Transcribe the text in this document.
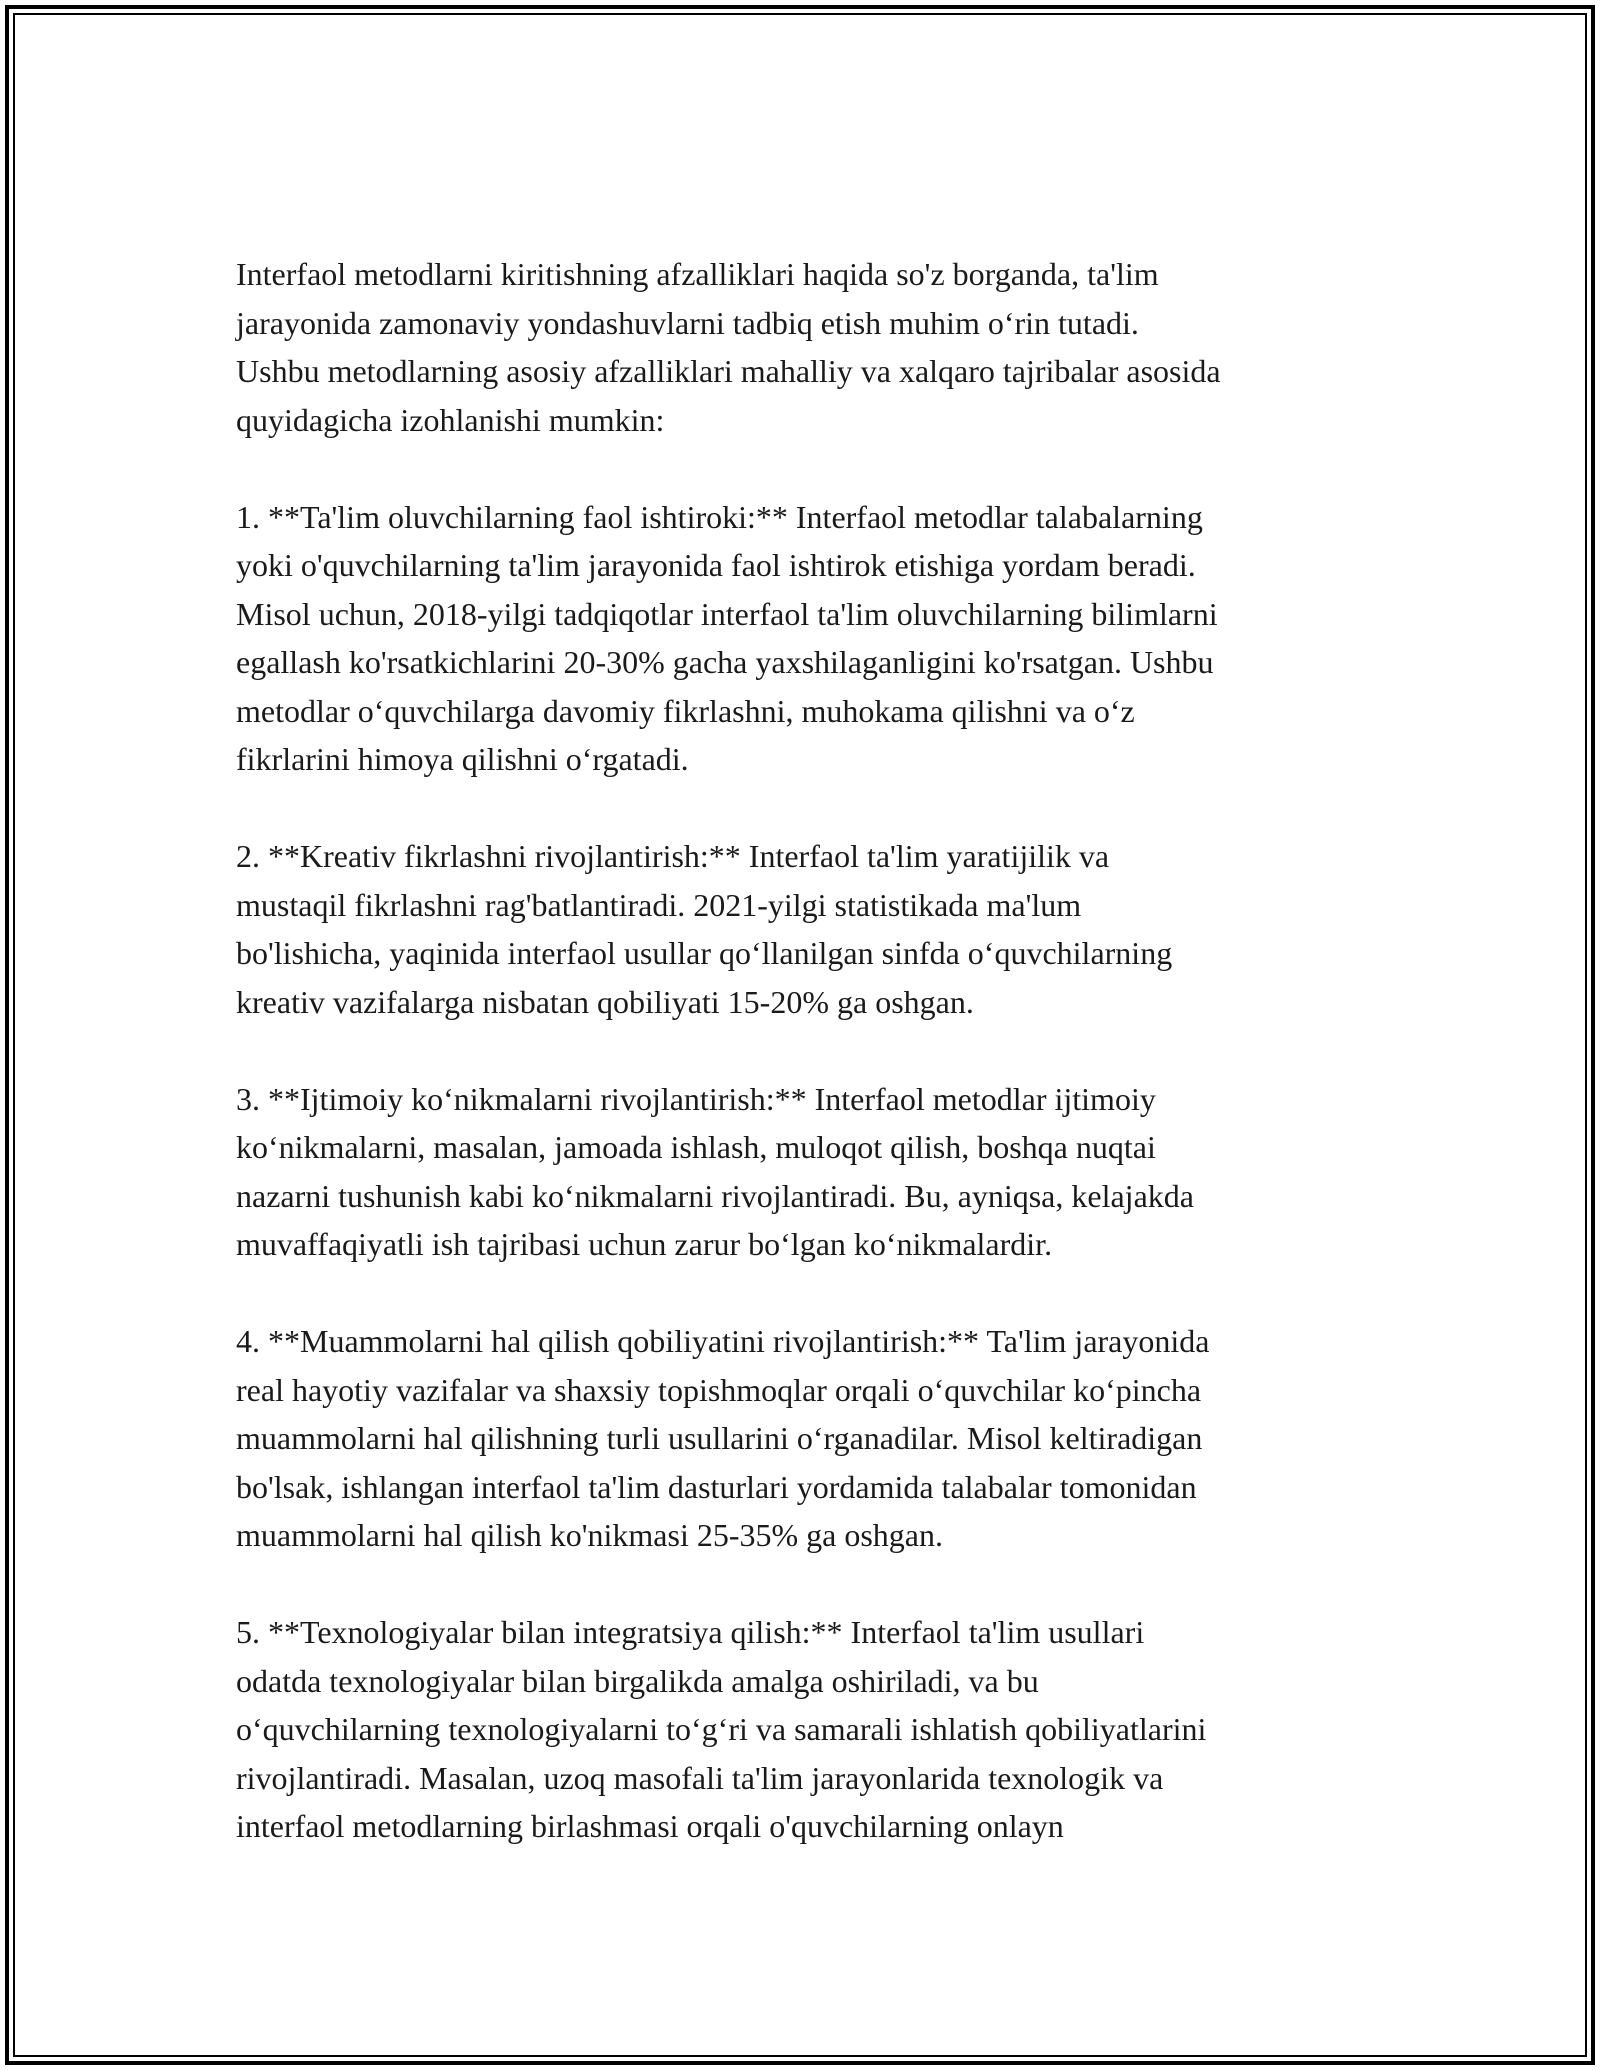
Interfaol metodlarni kiritishning afzalliklari haqida so'z borganda, ta'lim
jarayonida zamonaviy yondashuvlarni tadbiq etish muhim o‘rin tutadi.
Ushbu metodlarning asosiy afzalliklari mahalliy va xalqaro tajribalar asosida
quyidagicha izohlanishi mumkin:
1. **Ta'lim oluvchilarning faol ishtiroki:** Interfaol metodlar talabalarning
yoki o'quvchilarning ta'lim jarayonida faol ishtirok etishiga yordam beradi.
Misol uchun, 2018-yilgi tadqiqotlar interfaol ta'lim oluvchilarning bilimlarni
egallash ko'rsatkichlarini 20-30% gacha yaxshilaganligini ko'rsatgan. Ushbu
metodlar o‘quvchilarga davomiy fikrlashni, muhokama qilishni va o‘z
fikrlarini himoya qilishni o‘rgatadi.
2. **Kreativ fikrlashni rivojlantirish:** Interfaol ta'lim yaratijilik va
mustaqil fikrlashni rag'batlantiradi. 2021-yilgi statistikada ma'lum
bo'lishicha, yaqinida interfaol usullar qo‘llanilgan sinfda o‘quvchilarning
kreativ vazifalarga nisbatan qobiliyati 15-20% ga oshgan.
3. **Ijtimoiy ko‘nikmalarni rivojlantirish:** Interfaol metodlar ijtimoiy
ko‘nikmalarni, masalan, jamoada ishlash, muloqot qilish, boshqa nuqtai
nazarni tushunish kabi ko‘nikmalarni rivojlantiradi. Bu, ayniqsa, kelajakda
muvaffaqiyatli ish tajribasi uchun zarur bo‘lgan ko‘nikmalardir.
4. **Muammolarni hal qilish qobiliyatini rivojlantirish:** Ta'lim jarayonida
real hayotiy vazifalar va shaxsiy topishmoqlar orqali o‘quvchilar ko‘pincha
muammolarni hal qilishning turli usullarini o‘rganadilar. Misol keltiradigan
bo'lsak, ishlangan interfaol ta'lim dasturlari yordamida talabalar tomonidan
muammolarni hal qilish ko'nikmasi 25-35% ga oshgan.
5. **Texnologiyalar bilan integratsiya qilish:** Interfaol ta'lim usullari
odatda texnologiyalar bilan birgalikda amalga oshiriladi, va bu
o‘quvchilarning texnologiyalarni to‘g‘ri va samarali ishlatish qobiliyatlarini
rivojlantiradi. Masalan, uzoq masofali ta'lim jarayonlarida texnologik va
interfaol metodlarning birlashmasi orqali o'quvchilarning onlayn
